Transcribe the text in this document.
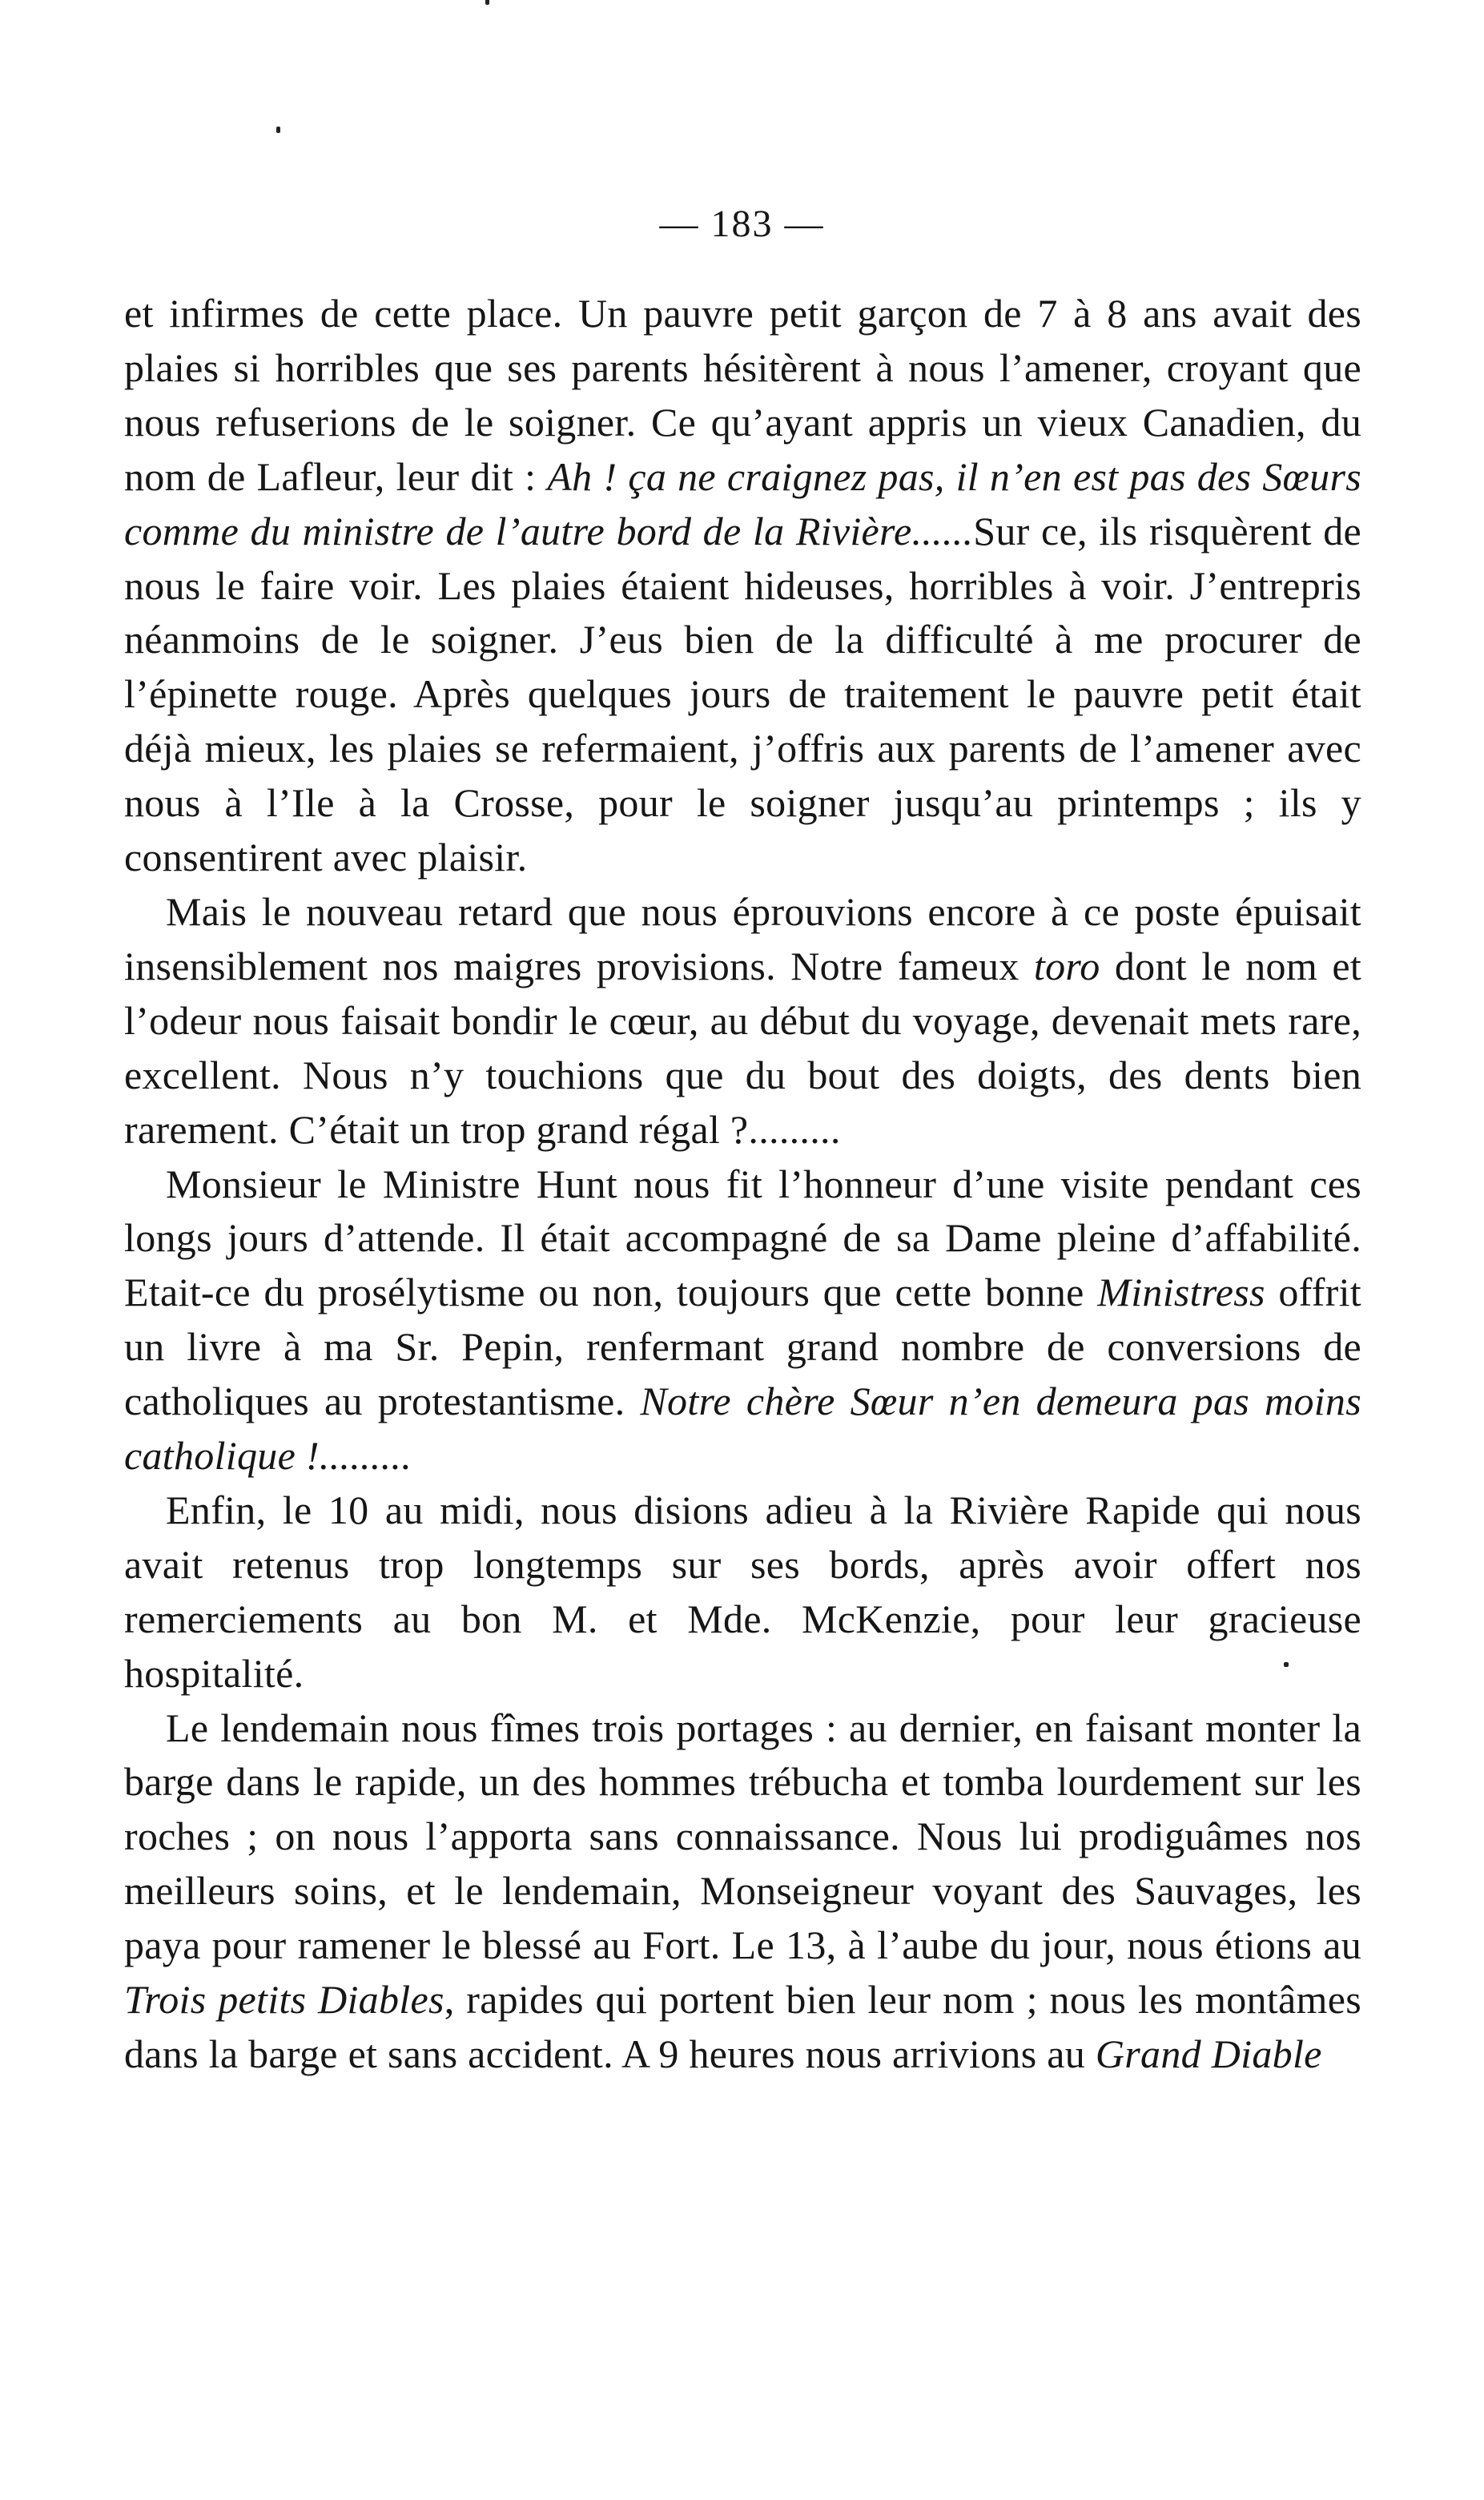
— 183 —

et infirmes de cette place. Un pauvre petit garçon de 7 à 8 ans avait des plaies si horribles que ses parents hésitèrent à nous l’amener, croyant que nous refuserions de le soigner. Ce qu’ayant appris un vieux Canadien, du nom de Lafleur, leur dit : Ah ! ça ne craignez pas, il n’en est pas des Sœurs comme du ministre de l’autre bord de la Rivière......Sur ce, ils risquèrent de nous le faire voir. Les plaies étaient hideuses, horribles à voir. J’entrepris néanmoins de le soigner. J’eus bien de la difficulté à me procurer de l’épinette rouge. Après quelques jours de traitement le pauvre petit était déjà mieux, les plaies se refermaient, j’offris aux parents de l’amener avec nous à l’Ile à la Crosse, pour le soigner jusqu’au printemps ; ils y consentirent avec plaisir.

Mais le nouveau retard que nous éprouvions encore à ce poste épuisait insensiblement nos maigres provisions. Notre fameux toro dont le nom et l’odeur nous faisait bondir le cœur, au début du voyage, devenait mets rare, excellent. Nous n’y touchions que du bout des doigts, des dents bien rarement. C’était un trop grand régal ?.........

Monsieur le Ministre Hunt nous fit l’honneur d’une visite pendant ces longs jours d’attende. Il était accompagné de sa Dame pleine d’affabilité. Etait-ce du prosélytisme ou non, toujours que cette bonne Ministress offrit un livre à ma Sr. Pepin, renfermant grand nombre de conversions de catholiques au protestantisme. Notre chère Sœur n’en demeura pas moins catholique !.........

Enfin, le 10 au midi, nous disions adieu à la Rivière Rapide qui nous avait retenus trop longtemps sur ses bords, après avoir offert nos remerciements au bon M. et Mde. McKenzie, pour leur gracieuse hospitalité.

Le lendemain nous fîmes trois portages : au dernier, en faisant monter la barge dans le rapide, un des hommes trébucha et tomba lourdement sur les roches ; on nous l’apporta sans connaissance. Nous lui prodiguâmes nos meilleurs soins, et le lendemain, Monseigneur voyant des Sauvages, les paya pour ramener le blessé au Fort. Le 13, à l’aube du jour, nous étions au Trois petits Diables, rapides qui portent bien leur nom ; nous les montâmes dans la barge et sans accident. A 9 heures nous arrivions au Grand Diable
